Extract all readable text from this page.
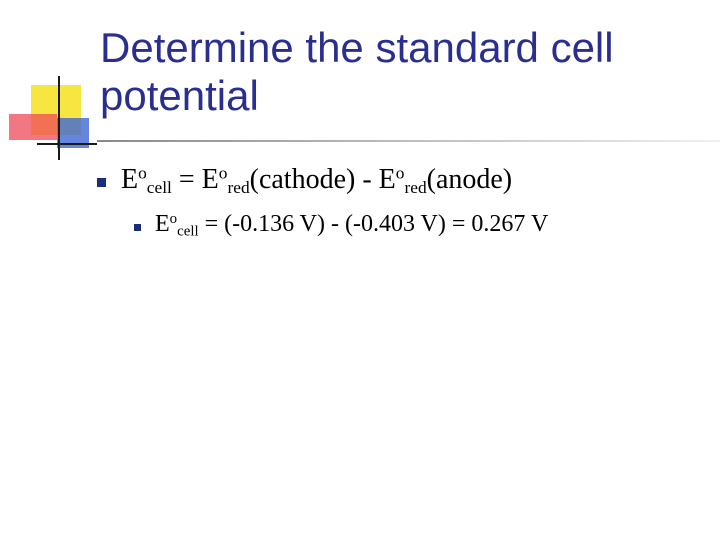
Determine the standard cell potential
$E^o_{cell}$ = $E^o_{red}(cathode)$ - $E^o_{red}(anode)$
$E^o_{cell} = (-0.136$ V) - (-0.403 V) = 0.267 V
